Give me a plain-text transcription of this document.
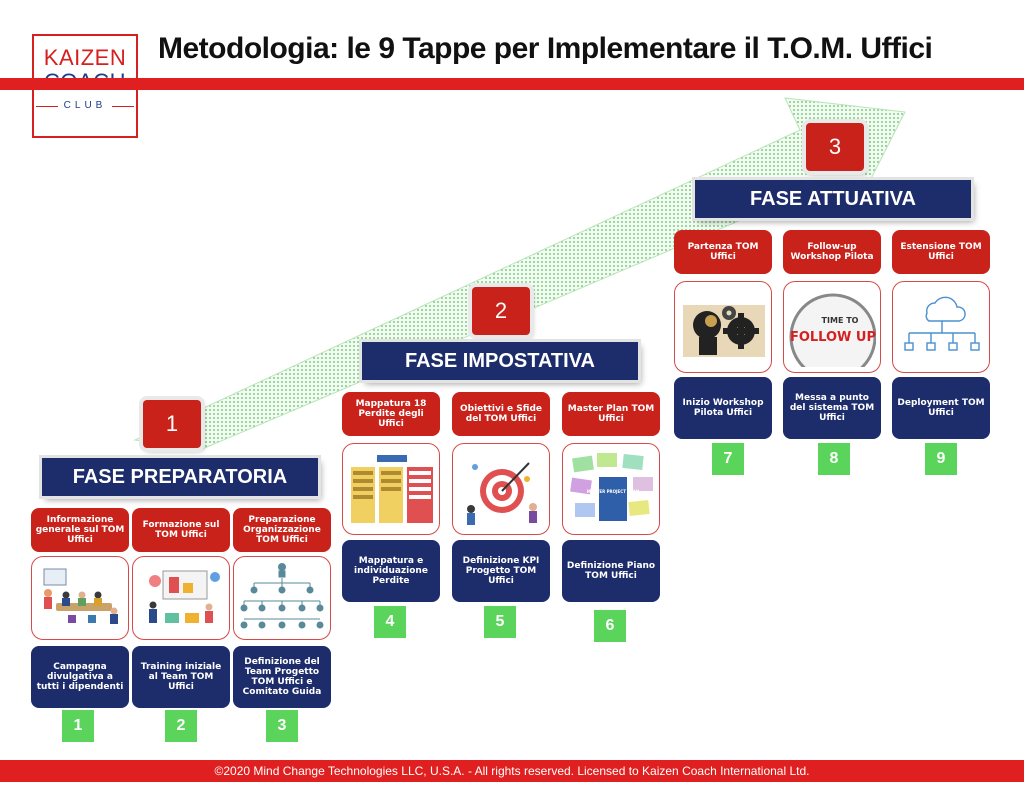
KAIZEN
CLUB
Metodologia: le 9 Tappe per Implementare il T.O.M. Uffici
1
FASE PREPARATORIA
2
FASE IMPOSTATIVA
3
FASE ATTUATIVA
Informazione generale sul TOM Uffici
Campagna divulgativa a tutti i dipendenti
1
Formazione sul TOM Uffici
Training iniziale al Team TOM Uffici
2
Preparazione Organizzazione TOM Uffici
Definizione del Team Progetto TOM Uffici e Comitato Guida
3
Mappatura 18 Perdite degli Uffici
Mappatura e individuazione Perdite
4
Obiettivi e Sfide del TOM Uffici
Definizione KPI Progetto TOM Uffici
5
Master Plan TOM Uffici
MASTER PROJECT PLAN
Definizione Piano TOM Uffici
6
Partenza TOM Uffici
Inizio Workshop Pilota Uffici
7
Follow-up Workshop Pilota
TIME TO
FOLLOW UP
Messa a punto del sistema TOM Uffici
8
Estensione TOM Uffici
Deployment TOM Uffici
9
©2020 Mind Change Technologies LLC, U.S.A. - All rights reserved. Licensed to Kaizen Coach International Ltd.
